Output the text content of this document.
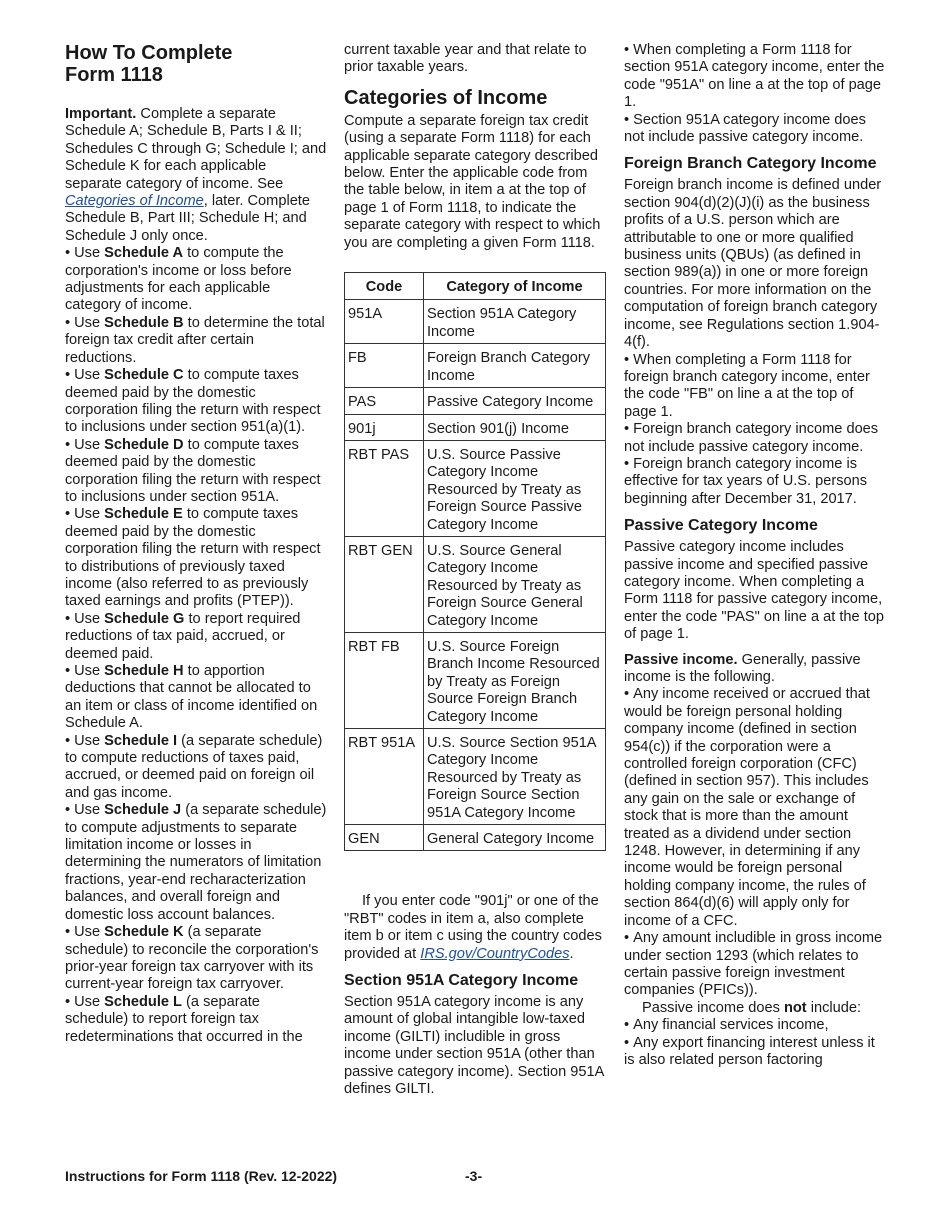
How To Complete
Form 1118

Important. Complete a separate Schedule A; Schedule B, Parts I & II; Schedules C through G; Schedule I; and Schedule K for each applicable separate category of income. See Categories of Income, later. Complete Schedule B, Part III; Schedule H; and Schedule J only once.

• Use Schedule A to compute the corporation's income or loss before adjustments for each applicable category of income.

• Use Schedule B to determine the total foreign tax credit after certain reductions.

• Use Schedule C to compute taxes deemed paid by the domestic corporation filing the return with respect to inclusions under section 951(a)(1).

• Use Schedule D to compute taxes deemed paid by the domestic corporation filing the return with respect to inclusions under section 951A.

• Use Schedule E to compute taxes deemed paid by the domestic corporation filing the return with respect to distributions of previously taxed income (also referred to as previously taxed earnings and profits (PTEP)).

• Use Schedule G to report required reductions of tax paid, accrued, or deemed paid.

• Use Schedule H to apportion deductions that cannot be allocated to an item or class of income identified on Schedule A.

• Use Schedule I (a separate schedule) to compute reductions of taxes paid, accrued, or deemed paid on foreign oil and gas income.

• Use Schedule J (a separate schedule) to compute adjustments to separate limitation income or losses in determining the numerators of limitation fractions, year-end recharacterization balances, and overall foreign and domestic loss account balances.

• Use Schedule K (a separate schedule) to reconcile the corporation's prior-year foreign tax carryover with its current-year foreign tax carryover.

• Use Schedule L (a separate schedule) to report foreign tax redeterminations that occurred in the

current taxable year and that relate to prior taxable years.

Categories of Income

Compute a separate foreign tax credit (using a separate Form 1118) for each applicable separate category described below. Enter the applicable code from the table below, in item a at the top of page 1 of Form 1118, to indicate the separate category with respect to which you are completing a given Form 1118.

Code	Category of Income
951A	Section 951A Category Income
FB	Foreign Branch Category Income
PAS	Passive Category Income
901j	Section 901(j) Income
RBT PAS	U.S. Source Passive Category Income Resourced by Treaty as Foreign Source Passive Category Income
RBT GEN	U.S. Source General Category Income Resourced by Treaty as Foreign Source General Category Income
RBT FB	U.S. Source Foreign Branch Income Resourced by Treaty as Foreign Source Foreign Branch Category Income
RBT 951A	U.S. Source Section 951A Category Income Resourced by Treaty as Foreign Source Section 951A Category Income
GEN	General Category Income

If you enter code "901j" or one of the "RBT" codes in item a, also complete item b or item c using the country codes provided at IRS.gov/CountryCodes.

Section 951A Category Income

Section 951A category income is any amount of global intangible low-taxed income (GILTI) includible in gross income under section 951A (other than passive category income). Section 951A defines GILTI.

• When completing a Form 1118 for section 951A category income, enter the code "951A" on line a at the top of page 1.

• Section 951A category income does not include passive category income.

Foreign Branch Category Income

Foreign branch income is defined under section 904(d)(2)(J)(i) as the business profits of a U.S. person which are attributable to one or more qualified business units (QBUs) (as defined in section 989(a)) in one or more foreign countries. For more information on the computation of foreign branch category income, see Regulations section 1.904-4(f).

• When completing a Form 1118 for foreign branch category income, enter the code "FB" on line a at the top of page 1.

• Foreign branch category income does not include passive category income.

• Foreign branch category income is effective for tax years of U.S. persons beginning after December 31, 2017.

Passive Category Income

Passive category income includes passive income and specified passive category income. When completing a Form 1118 for passive category income, enter the code "PAS" on line a at the top of page 1.

Passive income. Generally, passive income is the following.

• Any income received or accrued that would be foreign personal holding company income (defined in section 954(c)) if the corporation were a controlled foreign corporation (CFC) (defined in section 957). This includes any gain on the sale or exchange of stock that is more than the amount treated as a dividend under section 1248. However, in determining if any income would be foreign personal holding company income, the rules of section 864(d)(6) will apply only for income of a CFC.

• Any amount includible in gross income under section 1293 (which relates to certain passive foreign investment companies (PFICs)).

Passive income does not include:

• Any financial services income,

• Any export financing interest unless it is also related person factoring

Instructions for Form 1118 (Rev. 12-2022)	-3-
